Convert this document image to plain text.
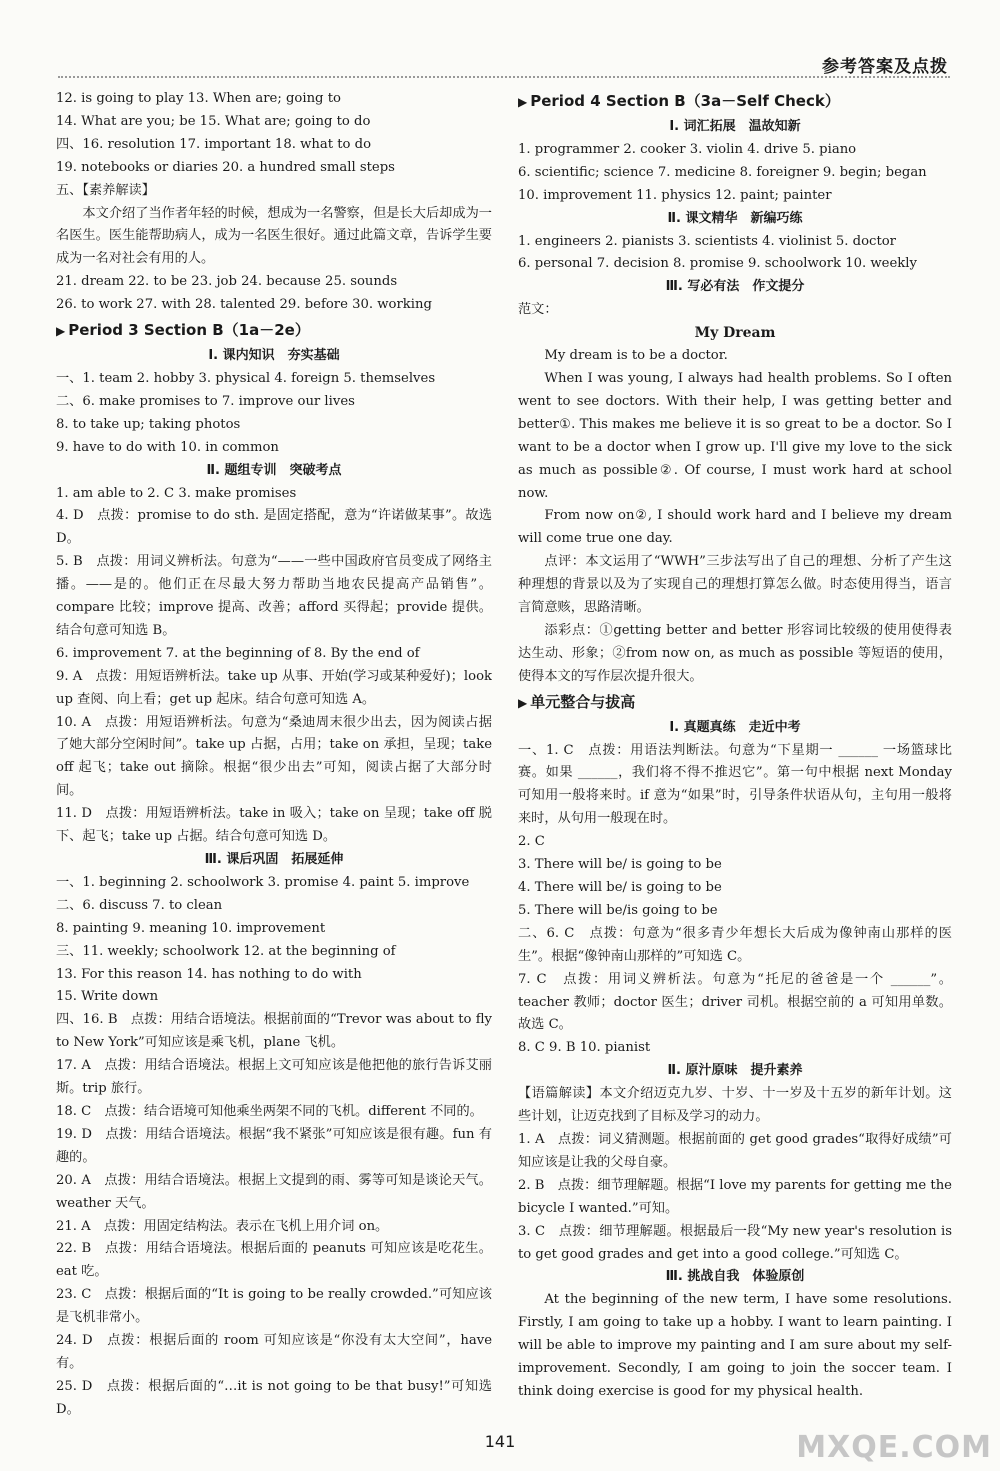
参考答案及点拨

12. is going to play 13. When are; going to

14. What are you; be 15. What are; going to do

四、16. resolution 17. important 18. what to do

19. notebooks or diaries 20. a hundred small steps

五、【素养解读】

本文介绍了当作者年轻的时候，想成为一名警察，但是长大后却成为一名医生。医生能帮助病人，成为一名医生很好。通过此篇文章，告诉学生要成为一名对社会有用的人。

21. dream 22. to be 23. job 24. because 25. sounds

26. to work 27. with 28. talented 29. before 30. working

▶ Period 3 Section B（1a－2e）

Ⅰ. 课内知识　夯实基础

一、1. team 2. hobby 3. physical 4. foreign 5. themselves

二、6. make promises to 7. improve our lives

8. to take up; taking photos

9. have to do with 10. in common

Ⅱ. 题组专训　突破考点

1. am able to 2. C 3. make promises

4. D　点拨：promise to do sth. 是固定搭配，意为“许诺做某事”。故选 D。

5. B　点拨：用词义辨析法。句意为“——一些中国政府官员变成了网络主播。——是的。他们正在尽最大努力帮助当地农民提高产品销售”。compare 比较；improve 提高、改善；afford 买得起；provide 提供。结合句意可知选 B。

6. improvement 7. at the beginning of 8. By the end of

9. A　点拨：用短语辨析法。take up 从事、开始(学习或某种爱好)；look up 查阅、向上看；get up 起床。结合句意可知选 A。

10. A　点拨：用短语辨析法。句意为“桑迪周末很少出去，因为阅读占据了她大部分空闲时间”。take up 占据，占用；take on 承担，呈现；take off 起飞；take out 摘除。根据“很少出去”可知，阅读占据了大部分时间。

11. D　点拨：用短语辨析法。take in 吸入；take on 呈现；take off 脱下、起飞；take up 占据。结合句意可知选 D。

Ⅲ. 课后巩固　拓展延伸

一、1. beginning 2. schoolwork 3. promise 4. paint 5. improve

二、6. discuss 7. to clean

8. painting 9. meaning 10. improvement

三、11. weekly; schoolwork 12. at the beginning of

13. For this reason 14. has nothing to do with

15. Write down

四、16. B　点拨：用结合语境法。根据前面的“Trevor was about to fly to New York”可知应该是乘飞机，plane 飞机。

17. A　点拨：用结合语境法。根据上文可知应该是他把他的旅行告诉艾丽斯。trip 旅行。

18. C　点拨：结合语境可知他乘坐两架不同的飞机。different 不同的。

19. D　点拨：用结合语境法。根据“我不紧张”可知应该是很有趣。fun 有趣的。

20. A　点拨：用结合语境法。根据上文提到的雨、雾等可知是谈论天气。weather 天气。

21. A　点拨：用固定结构法。表示在飞机上用介词 on。

22. B　点拨：用结合语境法。根据后面的 peanuts 可知应该是吃花生。eat 吃。

23. C　点拨：根据后面的“It is going to be really crowded.”可知应该是飞机非常小。

24. D　点拨：根据后面的 room 可知应该是“你没有太大空间”，have 有。

25. D　点拨：根据后面的“…it is not going to be that busy!”可知选 D。

▶ Period 4 Section B（3a－Self Check）

Ⅰ. 词汇拓展　温故知新

1. programmer 2. cooker 3. violin 4. drive 5. piano

6. scientific; science 7. medicine 8. foreigner 9. begin; began

10. improvement 11. physics 12. paint; painter

Ⅱ. 课文精华　新编巧练

1. engineers 2. pianists 3. scientists 4. violinist 5. doctor

6. personal 7. decision 8. promise 9. schoolwork 10. weekly

Ⅲ. 写必有法　作文提分

范文：

My Dream

My dream is to be a doctor.

When I was young, I always had health problems. So I often went to see doctors. With their help, I was getting better and better①. This makes me believe it is so great to be a doctor. So I want to be a doctor when I grow up. I'll give my love to the sick as much as possible②. Of course, I must work hard at school now.

From now on②, I should work hard and I believe my dream will come true one day.

点评：本文运用了“WWH”三步法写出了自己的理想、分析了产生这种理想的背景以及为了实现自己的理想打算怎么做。时态使用得当，语言言简意赅，思路清晰。

添彩点：①getting better and better 形容词比较级的使用使得表达生动、形象；②from now on, as much as possible 等短语的使用，使得本文的写作层次提升很大。

▶ 单元整合与拔高

Ⅰ. 真题真练　走近中考

一、1. C　点拨：用语法判断法。句意为“下星期一 ______ 一场篮球比赛。如果 ______，我们将不得不推迟它”。第一句中根据 next Monday 可知用一般将来时。if 意为“如果”时，引导条件状语从句，主句用一般将来时，从句用一般现在时。

2. C

3. There will be/ is going to be

4. There will be/ is going to be

5. There will be/is going to be

二、6. C　点拨：句意为“很多青少年想长大后成为像钟南山那样的医生”。根据“像钟南山那样的”可知选 C。

7. C　点拨：用词义辨析法。句意为“托尼的爸爸是一个 ______”。teacher 教师；doctor 医生；driver 司机。根据空前的 a 可知用单数。故选 C。

8. C 9. B 10. pianist

Ⅱ. 原汁原味　提升素养

【语篇解读】本文介绍迈克九岁、十岁、十一岁及十五岁的新年计划。这些计划，让迈克找到了目标及学习的动力。

1. A　点拨：词义猜测题。根据前面的 get good grades“取得好成绩”可知应该是让我的父母自豪。

2. B　点拨：细节理解题。根据“I love my parents for getting me the bicycle I wanted.”可知。

3. C　点拨：细节理解题。根据最后一段“My new year's resolution is to get good grades and get into a good college.”可知选 C。

Ⅲ. 挑战自我　体验原创

At the beginning of the new term, I have some resolutions. Firstly, I am going to take up a hobby. I want to learn painting. I will be able to improve my painting and I am sure about my self-improvement. Secondly, I am going to join the soccer team. I think doing exercise is good for my physical health.

141	MXQE.COM
